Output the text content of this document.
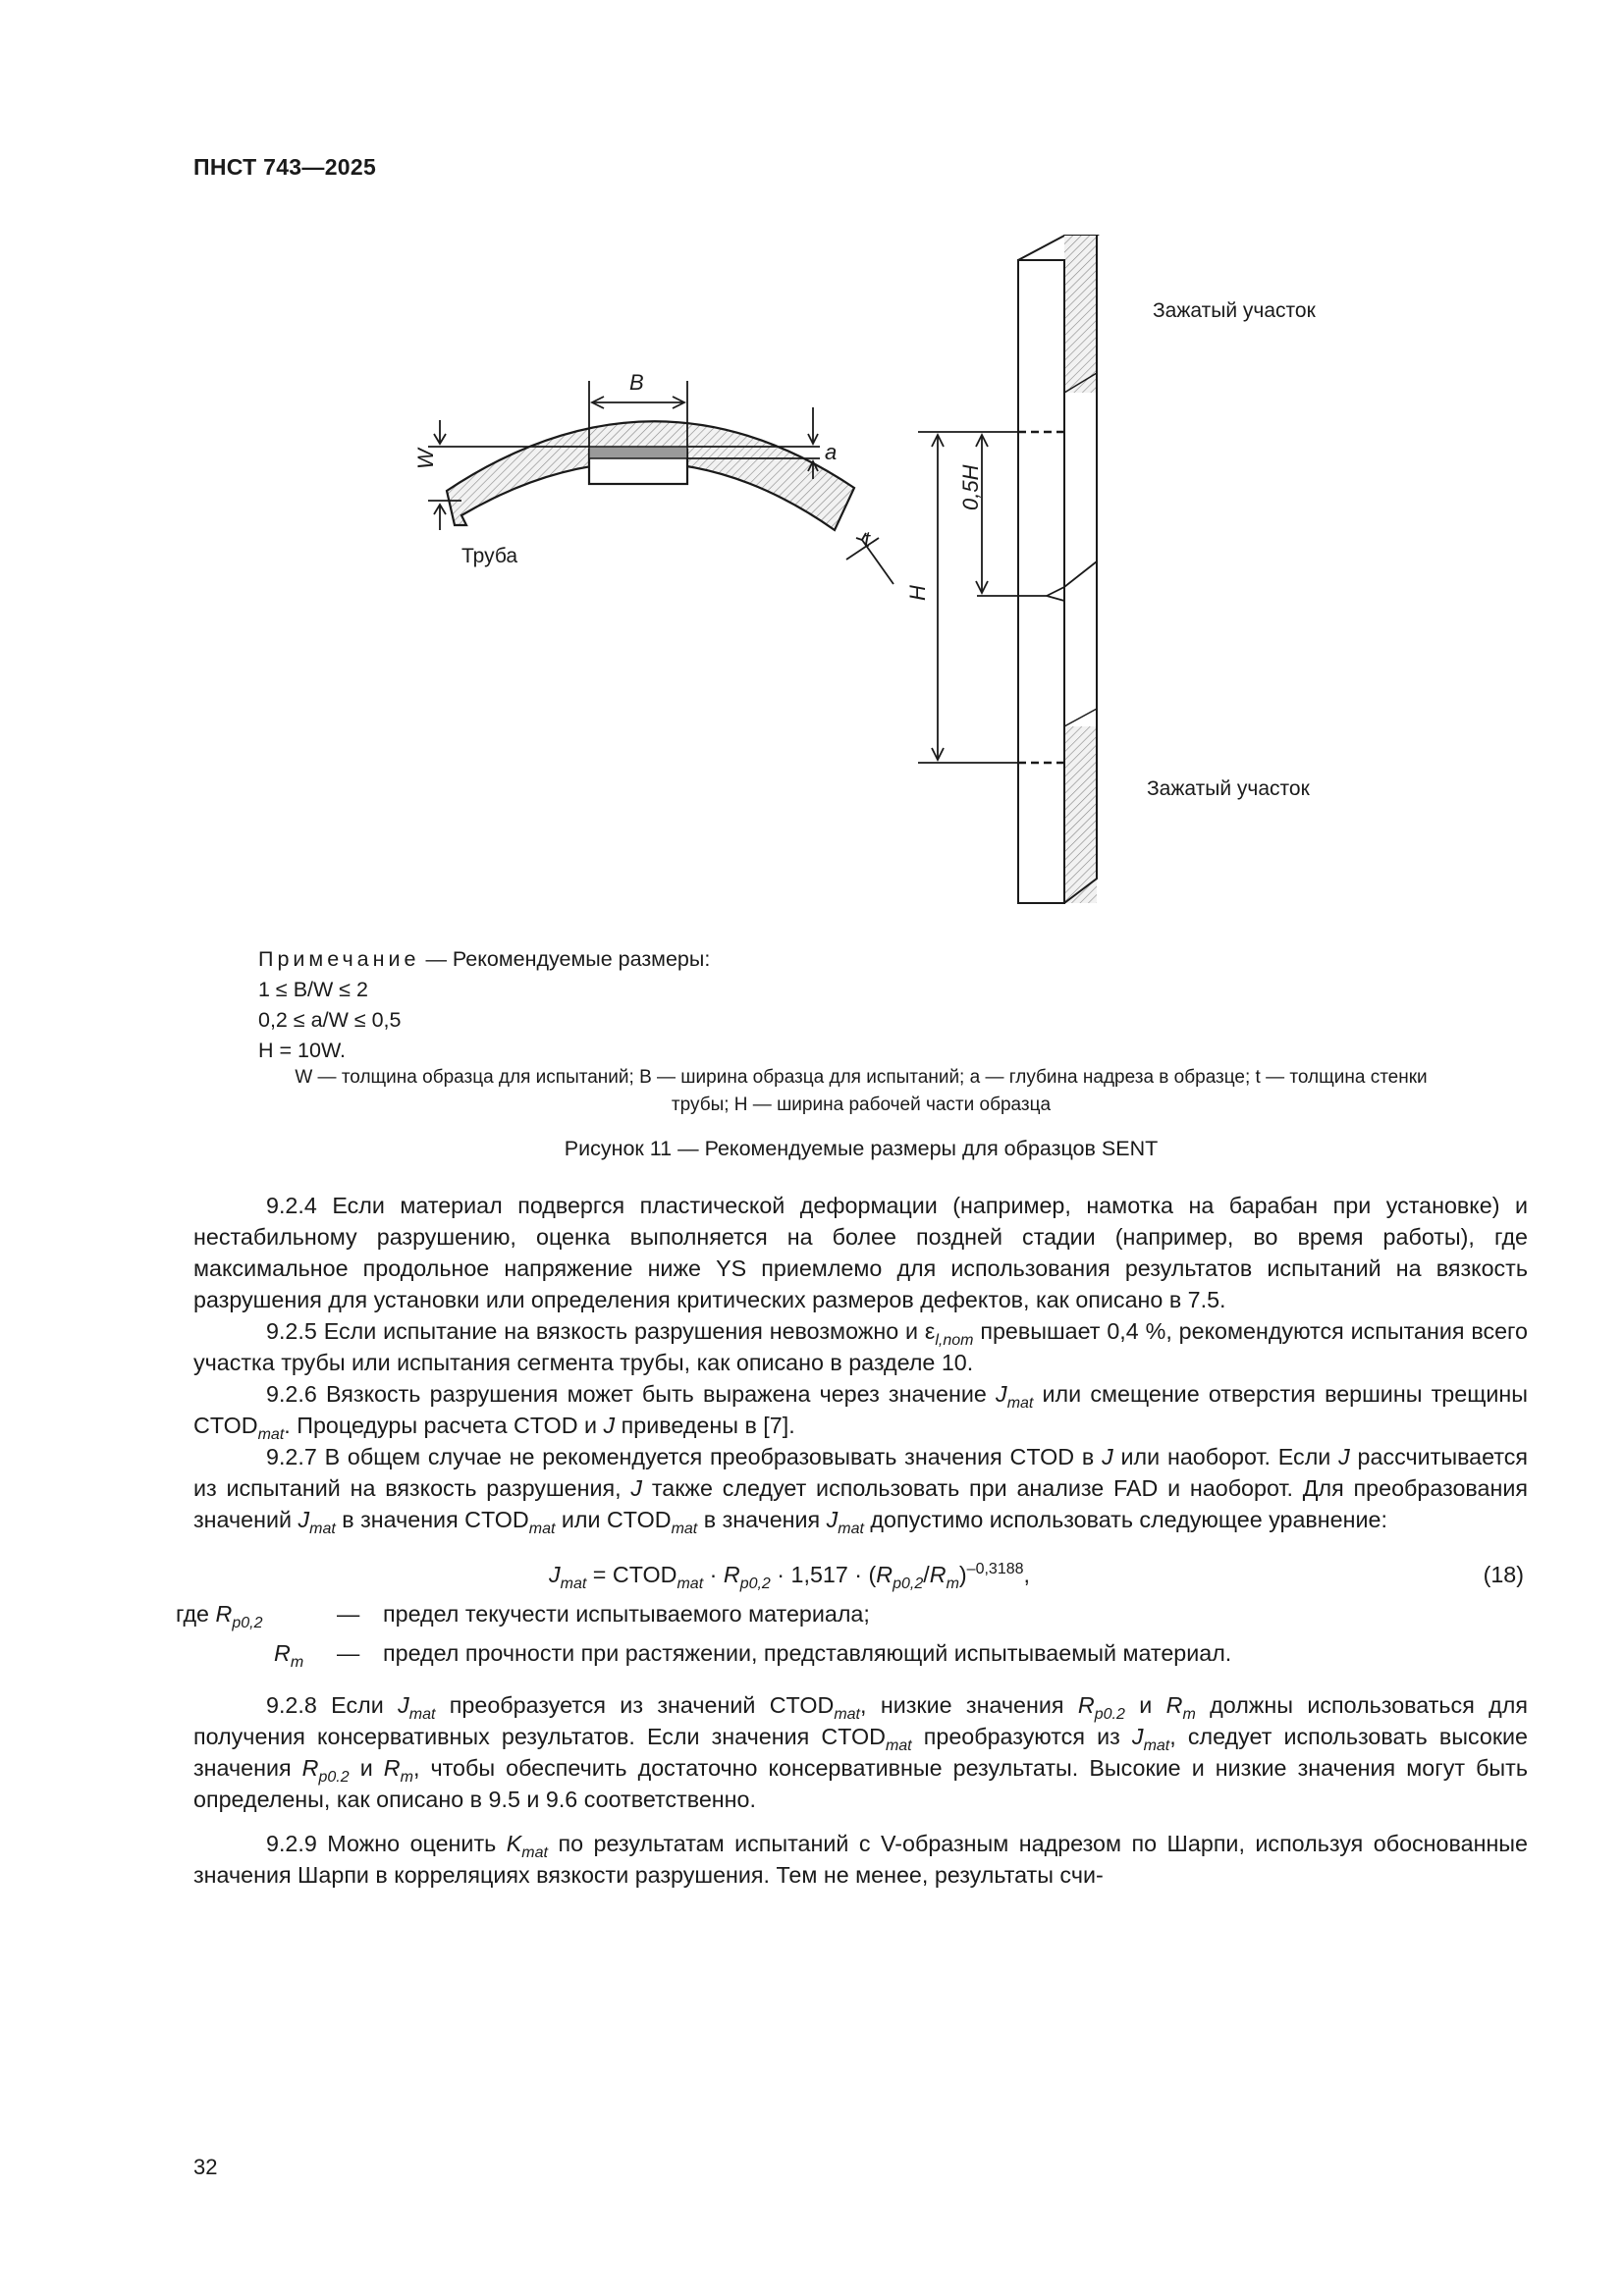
ПНСТ 743—2025
B
W	a
t
Труба
0,5H
H
Зажатый участок
Зажатый участок
Примечание — Рекомендуемые размеры:
1 ≤ B/W ≤ 2
0,2 ≤ a/W ≤ 0,5
H = 10W.
W — толщина образца для испытаний; B — ширина образца для испытаний; a — глубина надреза в образце; t — толщина стенки
трубы; H — ширина рабочей части образца
Рисунок 11 — Рекомендуемые размеры для образцов SENT

9.2.4 Если материал подвергся пластической деформации (например, намотка на барабан при установке) и нестабильному разрушению, оценка выполняется на более поздней стадии (например, во время работы), где максимальное продольное напряжение ниже YS приемлемо для использования результатов испытаний на вязкость разрушения для установки или определения критических размеров дефектов, как описано в 7.5.

9.2.5 Если испытание на вязкость разрушения невозможно и $\varepsilon_{l,nom}$ превышает 0,4 %, рекомендуются испытания всего участка трубы или испытания сегмента трубы, как описано в разделе 10.

9.2.6 Вязкость разрушения может быть выражена через значение $J_{mat}$ или смещение отверстия вершины трещины $CTOD_{mat}$. Процедуры расчета CTOD и J приведены в [7].

9.2.7 В общем случае не рекомендуется преобразовывать значения CTOD в J или наоборот. Если J рассчитывается из испытаний на вязкость разрушения, J также следует использовать при анализе FAD и наоборот. Для преобразования значений $J_{mat}$ в значения $CTOD_{mat}$ или $CTOD_{mat}$ в значения $J_{mat}$ допустимо использовать следующее уравнение:

$J_{mat}$ = $CTOD_{mat} \cdot R_{p0,2} \cdot 1,517 \cdot (R_{p0,2}/R_m)^{-0,3188}$,	(18)
где $R_{p0,2}$	— предел текучести испытываемого материала;
$R_m$	— предел прочности при растяжении, представляющий испытываемый материал.

9.2.8 Если $J_{mat}$ преобразуется из значений $CTOD_{mat}$, низкие значения $R_{p0.2}$ и $R_m$ должны использоваться для получения консервативных результатов. Если значения $CTOD_{mat}$ преобразуются из $J_{mat}$, следует использовать высокие значения $R_{p0.2}$ и $R_m$, чтобы обеспечить достаточно консервативные результаты. Высокие и низкие значения могут быть определены, как описано в 9.5 и 9.6 соответственно.

9.2.9 Можно оценить $K_{mat}$ по результатам испытаний с V-образным надрезом по Шарпи, используя обоснованные значения Шарпи в корреляциях вязкости разрушения. Тем не менее, результаты счи-

32
